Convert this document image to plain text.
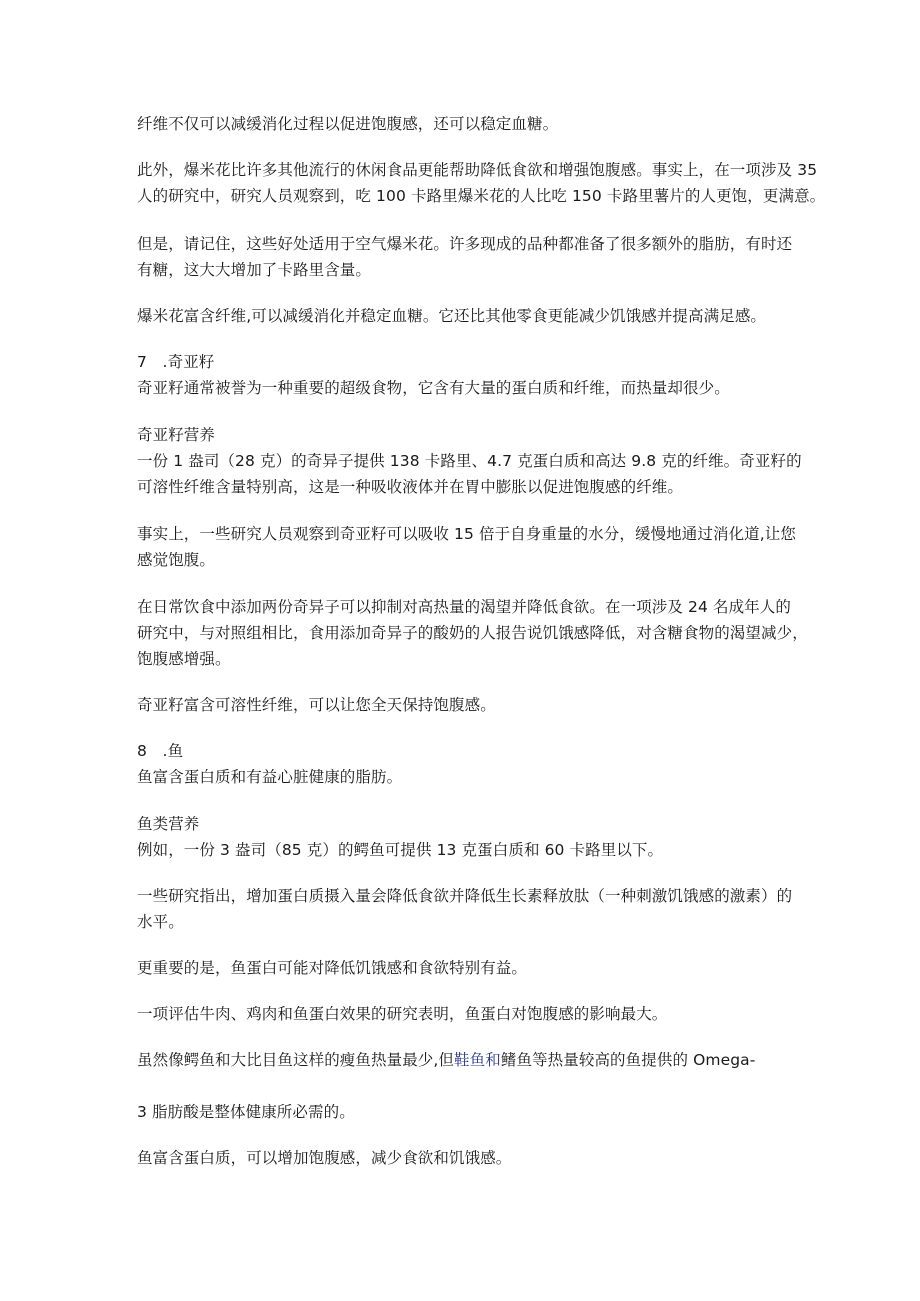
纤维不仅可以减缓消化过程以促进饱腹感，还可以稳定血糖。
此外，爆米花比许多其他流行的休闲食品更能帮助降低食欲和增强饱腹感。事实上，在一项涉及 35
人的研究中，研究人员观察到，吃 100 卡路里爆米花的人比吃 150 卡路里薯片的人更饱，更满意。
但是，请记住，这些好处适用于空气爆米花。许多现成的品种都准备了很多额外的脂肪，有时还
有糖，这大大增加了卡路里含量。
爆米花富含纤维,可以减缓消化并稳定血糖。它还比其他零食更能减少饥饿感并提高满足感。
7　.奇亚籽
奇亚籽通常被誉为一种重要的超级食物，它含有大量的蛋白质和纤维，而热量却很少。
奇亚籽营养
一份 1 盎司（28 克）的奇异子提供 138 卡路里、4.7 克蛋白质和高达 9.8 克的纤维。奇亚籽的
可溶性纤维含量特别高，这是一种吸收液体并在胃中膨胀以促进饱腹感的纤维。
事实上，一些研究人员观察到奇亚籽可以吸收 15 倍于自身重量的水分，缓慢地通过消化道,让您
感觉饱腹。
在日常饮食中添加两份奇异子可以抑制对高热量的渴望并降低食欲。在一项涉及 24 名成年人的
研究中，与对照组相比，食用添加奇异子的酸奶的人报告说饥饿感降低，对含糖食物的渴望减少，
饱腹感增强。
奇亚籽富含可溶性纤维，可以让您全天保持饱腹感。
8　.鱼
鱼富含蛋白质和有益心脏健康的脂肪。
鱼类营养
例如，一份 3 盎司（85 克）的鳄鱼可提供 13 克蛋白质和 60 卡路里以下。
一些研究指出，增加蛋白质摄入量会降低食欲并降低生长素释放肽（一种刺激饥饿感的激素）的
水平。
更重要的是，鱼蛋白可能对降低饥饿感和食欲特别有益。
一项评估牛肉、鸡肉和鱼蛋白效果的研究表明，鱼蛋白对饱腹感的影响最大。
虽然像鳄鱼和大比目鱼这样的瘦鱼热量最少,但鞋鱼和鳍鱼等热量较高的鱼提供的 Omega-
3 脂肪酸是整体健康所必需的。
鱼富含蛋白质，可以增加饱腹感，减少食欲和饥饿感。
